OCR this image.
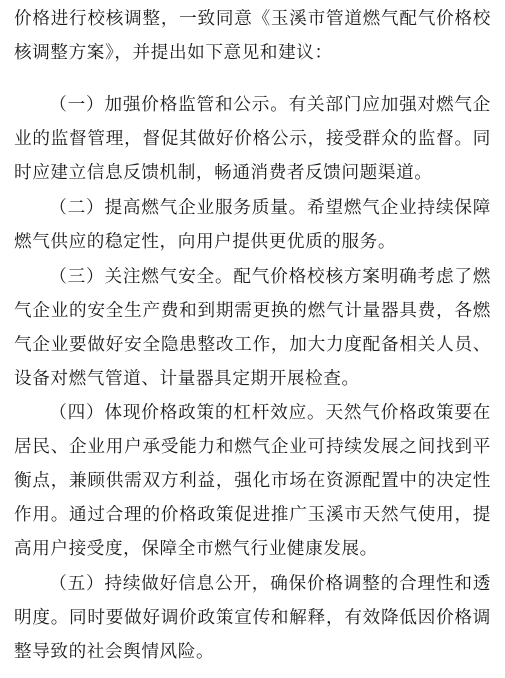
价格进行校核调整，一致同意《玉溪市管道燃气配气价格校核调整方案》，并提出如下意见和建议：

（一）加强价格监管和公示。有关部门应加强对燃气企业的监督管理，督促其做好价格公示，接受群众的监督。同时应建立信息反馈机制，畅通消费者反馈问题渠道。

（二）提高燃气企业服务质量。希望燃气企业持续保障燃气供应的稳定性，向用户提供更优质的服务。

（三）关注燃气安全。配气价格校核方案明确考虑了燃气企业的安全生产费和到期需更换的燃气计量器具费，各燃气企业要做好安全隐患整改工作，加大力度配备相关人员、设备对燃气管道、计量器具定期开展检查。

（四）体现价格政策的杠杆效应。天然气价格政策要在居民、企业用户承受能力和燃气企业可持续发展之间找到平衡点，兼顾供需双方利益，强化市场在资源配置中的决定性作用。通过合理的价格政策促进推广玉溪市天然气使用，提高用户接受度，保障全市燃气行业健康发展。

（五）持续做好信息公开，确保价格调整的合理性和透明度。同时要做好调价政策宣传和解释，有效降低因价格调整导致的社会舆情风险。
